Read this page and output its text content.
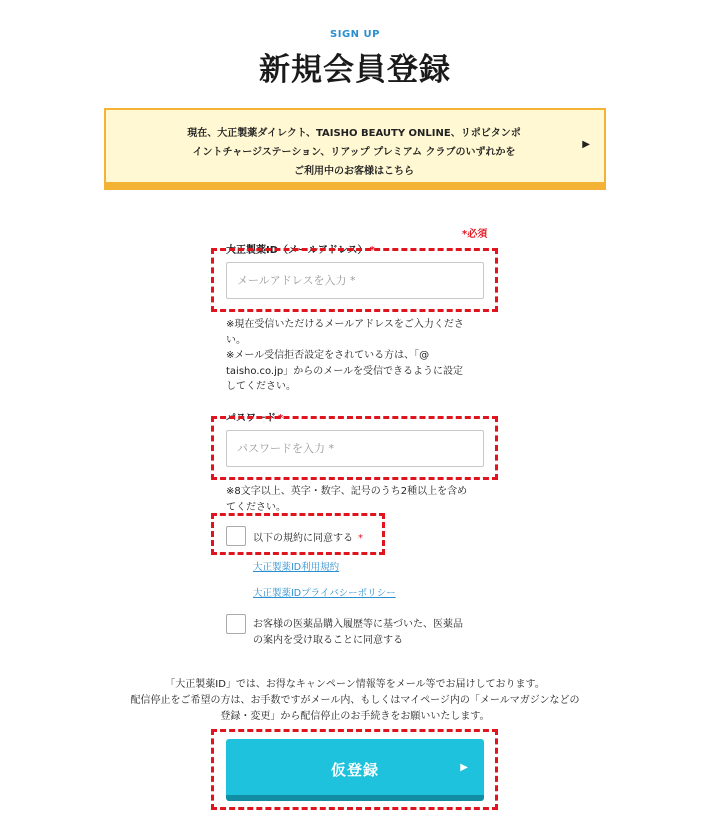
SIGN UP
新規会員登録
現在、大正製薬ダイレクト、TAISHO BEAUTY ONLINE、リポビタンポ
イントチャージステーション、リアップ プレミアム クラブのいずれかを
ご利用中のお客様はこちら
▶
*必須
大正製薬ID（メールアドレス） *
メールアドレスを入力 *
※現在受信いただけるメールアドレスをご入力くださ
い。
※メール受信拒否設定をされている方は、「@
taisho.co.jp」からのメールを受信できるように設定
してください。
パスワード *
※8文字以上、英字・数字、記号のうち2種以上を含め
てください。
以下の規約に同意する *
大正製薬ID利用規約
大正製薬IDプライバシーポリシー
お客様の医薬品購入履歴等に基づいた、医薬品
の案内を受け取ることに同意する
「大正製薬ID」では、お得なキャンペーン情報等をメール等でお届けしております。
配信停止をご希望の方は、お手数ですがメール内、もしくはマイページ内の「メールマガジンなどの
登録・変更」から配信停止のお手続きをお願いいたします。
仮登録	▶
